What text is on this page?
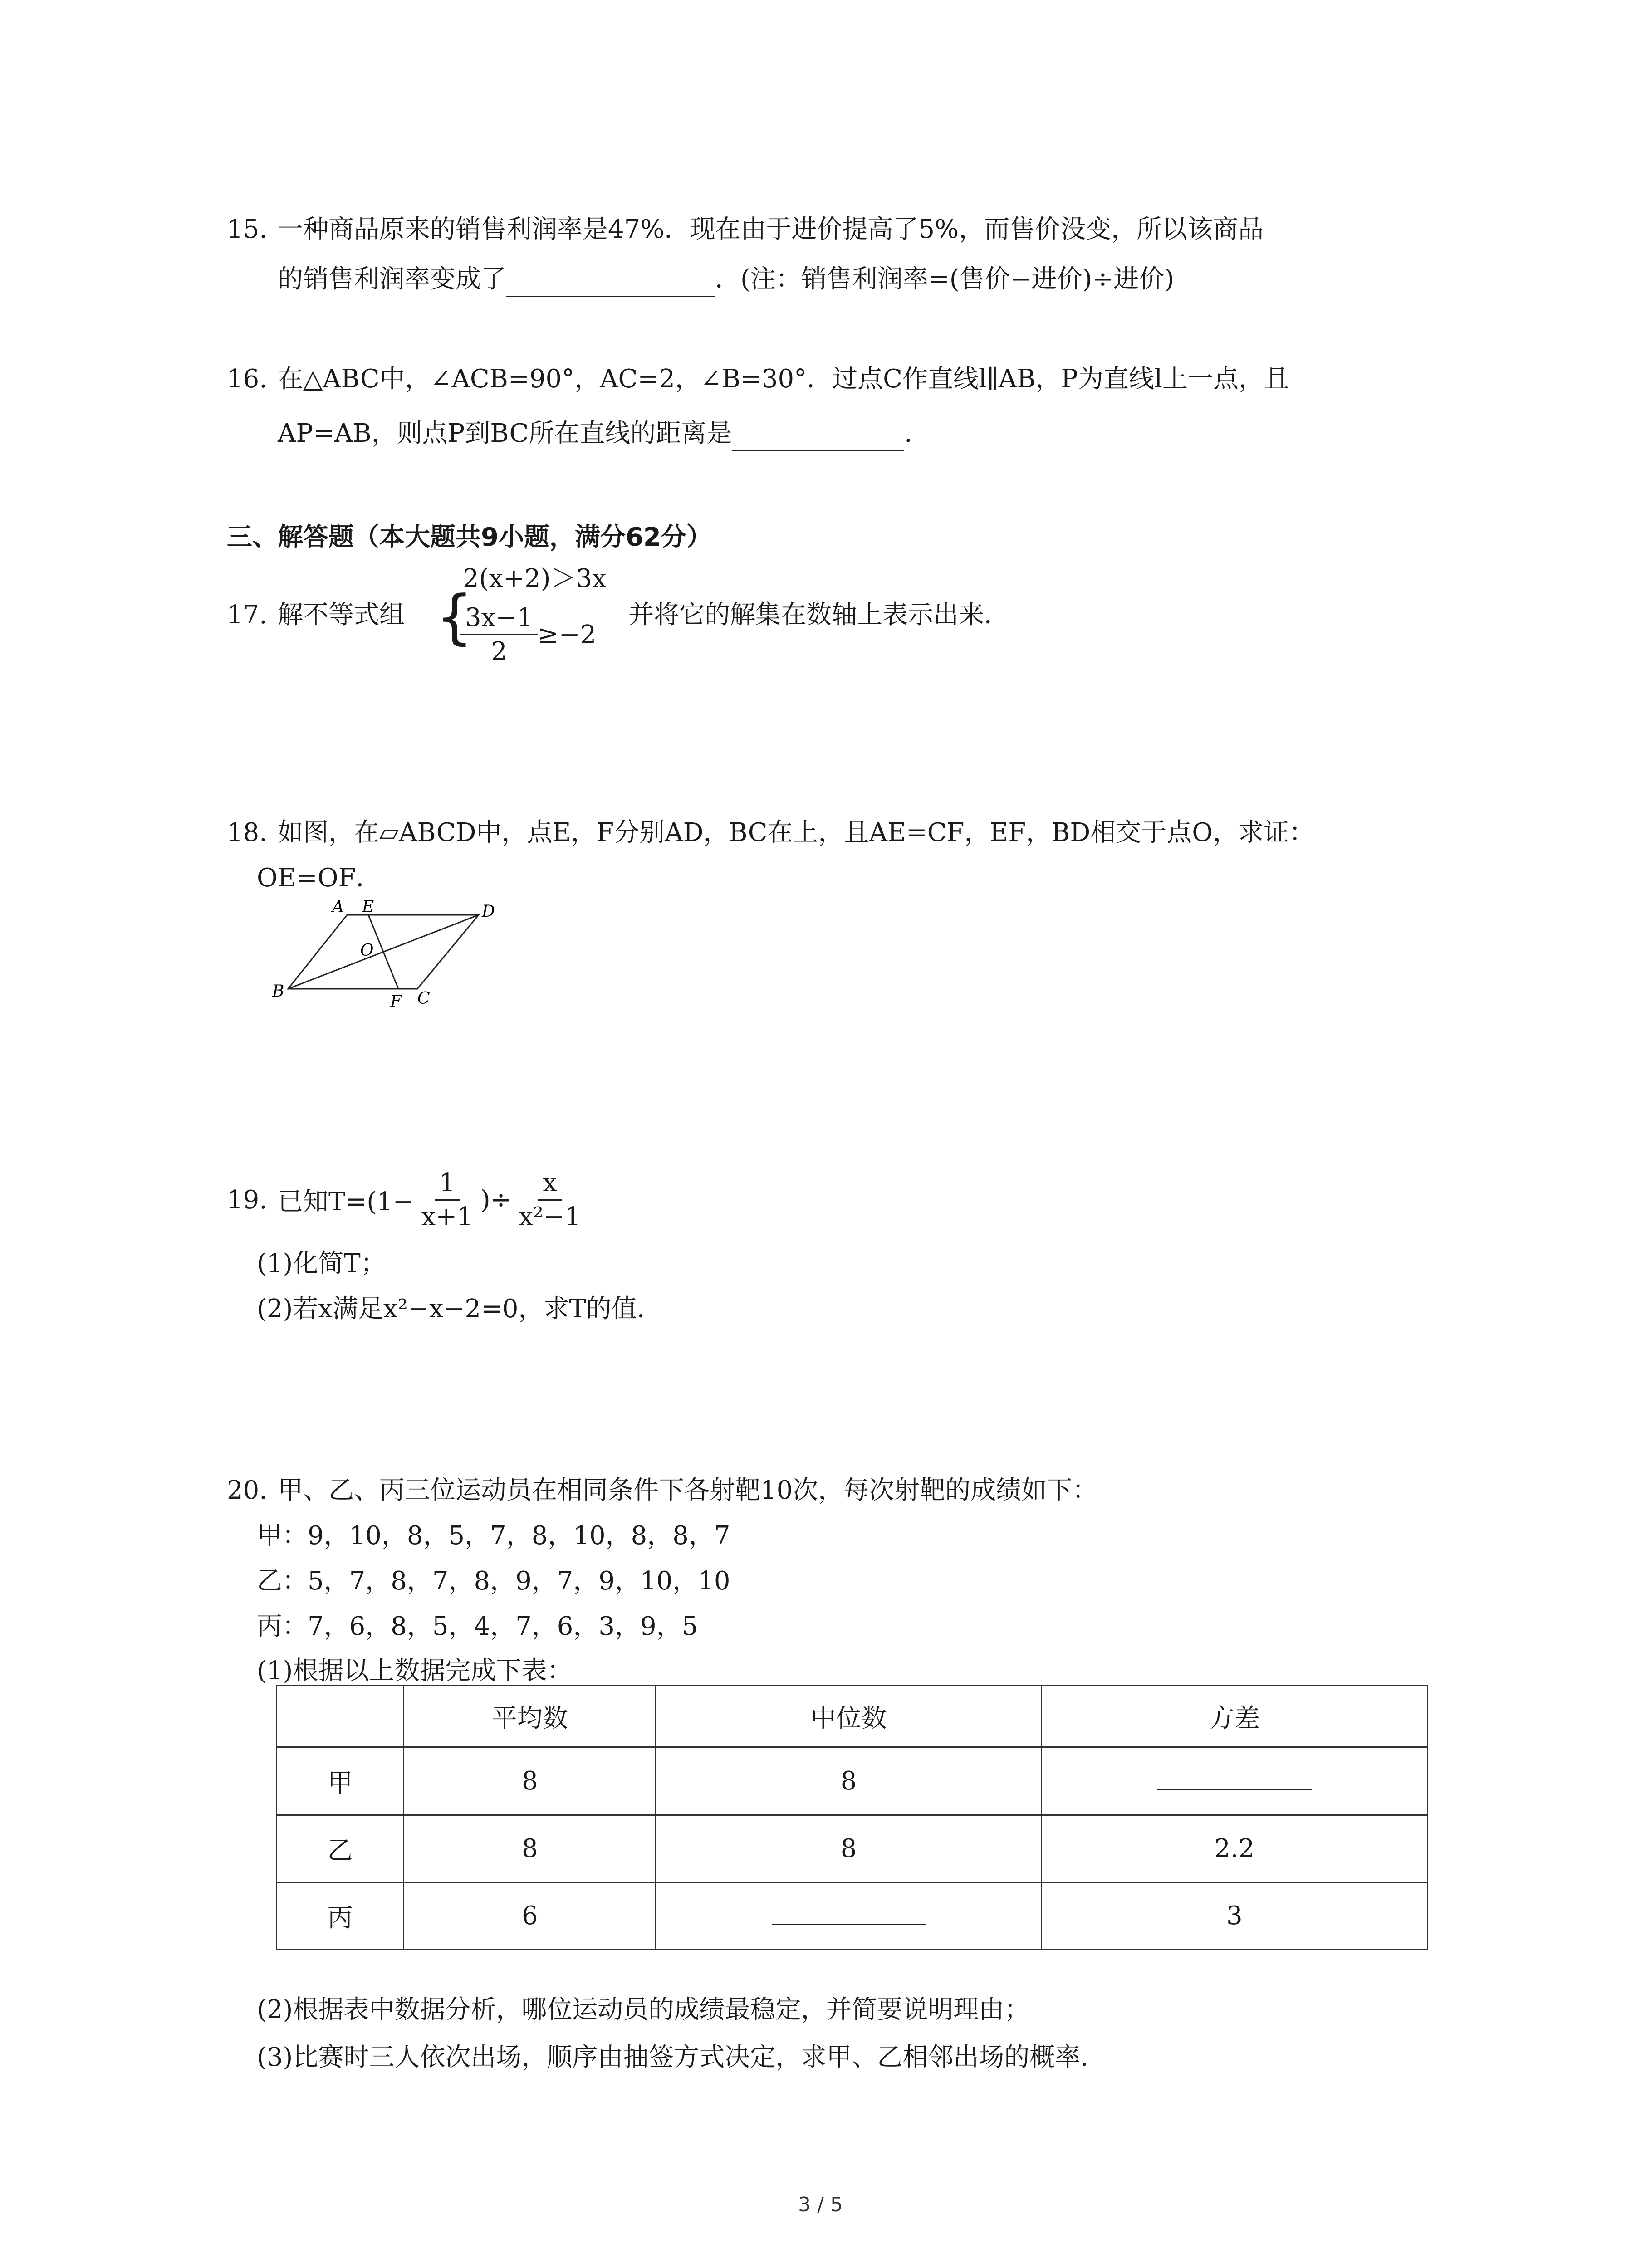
15. 一种商品原来的销售利润率是47%．现在由于进价提高了5%，而售价没变，所以该商品
的销售利润率变成了	．(注：销售利润率=(售价−进价)÷进价)
16. 在△ABC中，∠ACB=90°，AC=2，∠B=30°．过点C作直线l∥AB，P为直线l上一点，且
AP=AB，则点P到BC所在直线的距离是	．
三、解答题（本大题共9小题，满分62分）
17. 解不等式组 {
2(x+2)＞3x
$\frac{3x-1}{2} \ge-2$
并将它的解集在数轴上表示出来．
18. 如图，在▱ABCD中，点E，F分别AD，BC在上，且AE=CF，EF，BD相交于点O，求证：
OE=OF．
A E	D
O
B
F C
19. 已知$T=(1- \frac{1}{x+1}$ )÷ $\frac{x}{\text{x²−1}}$
(1)化简T；
(2)若x满足x²−x−2=0，求T的值．
20. 甲、乙、丙三位运动员在相同条件下各射靶10次，每次射靶的成绩如下：
甲：9，10，8，5，7，8，10，8，8，7
乙：5，7，8，7，8，9，7，9，10，10
丙：7，6，8，5，4，7，6，3，9，5
(1)根据以上数据完成下表：
	平均数	中位数	方差
甲	8	8	
乙	8	8	2.2
丙	6		3
(2)根据表中数据分析，哪位运动员的成绩最稳定，并简要说明理由；
(3)比赛时三人依次出场，顺序由抽签方式决定，求甲、乙相邻出场的概率．
3 / 5
